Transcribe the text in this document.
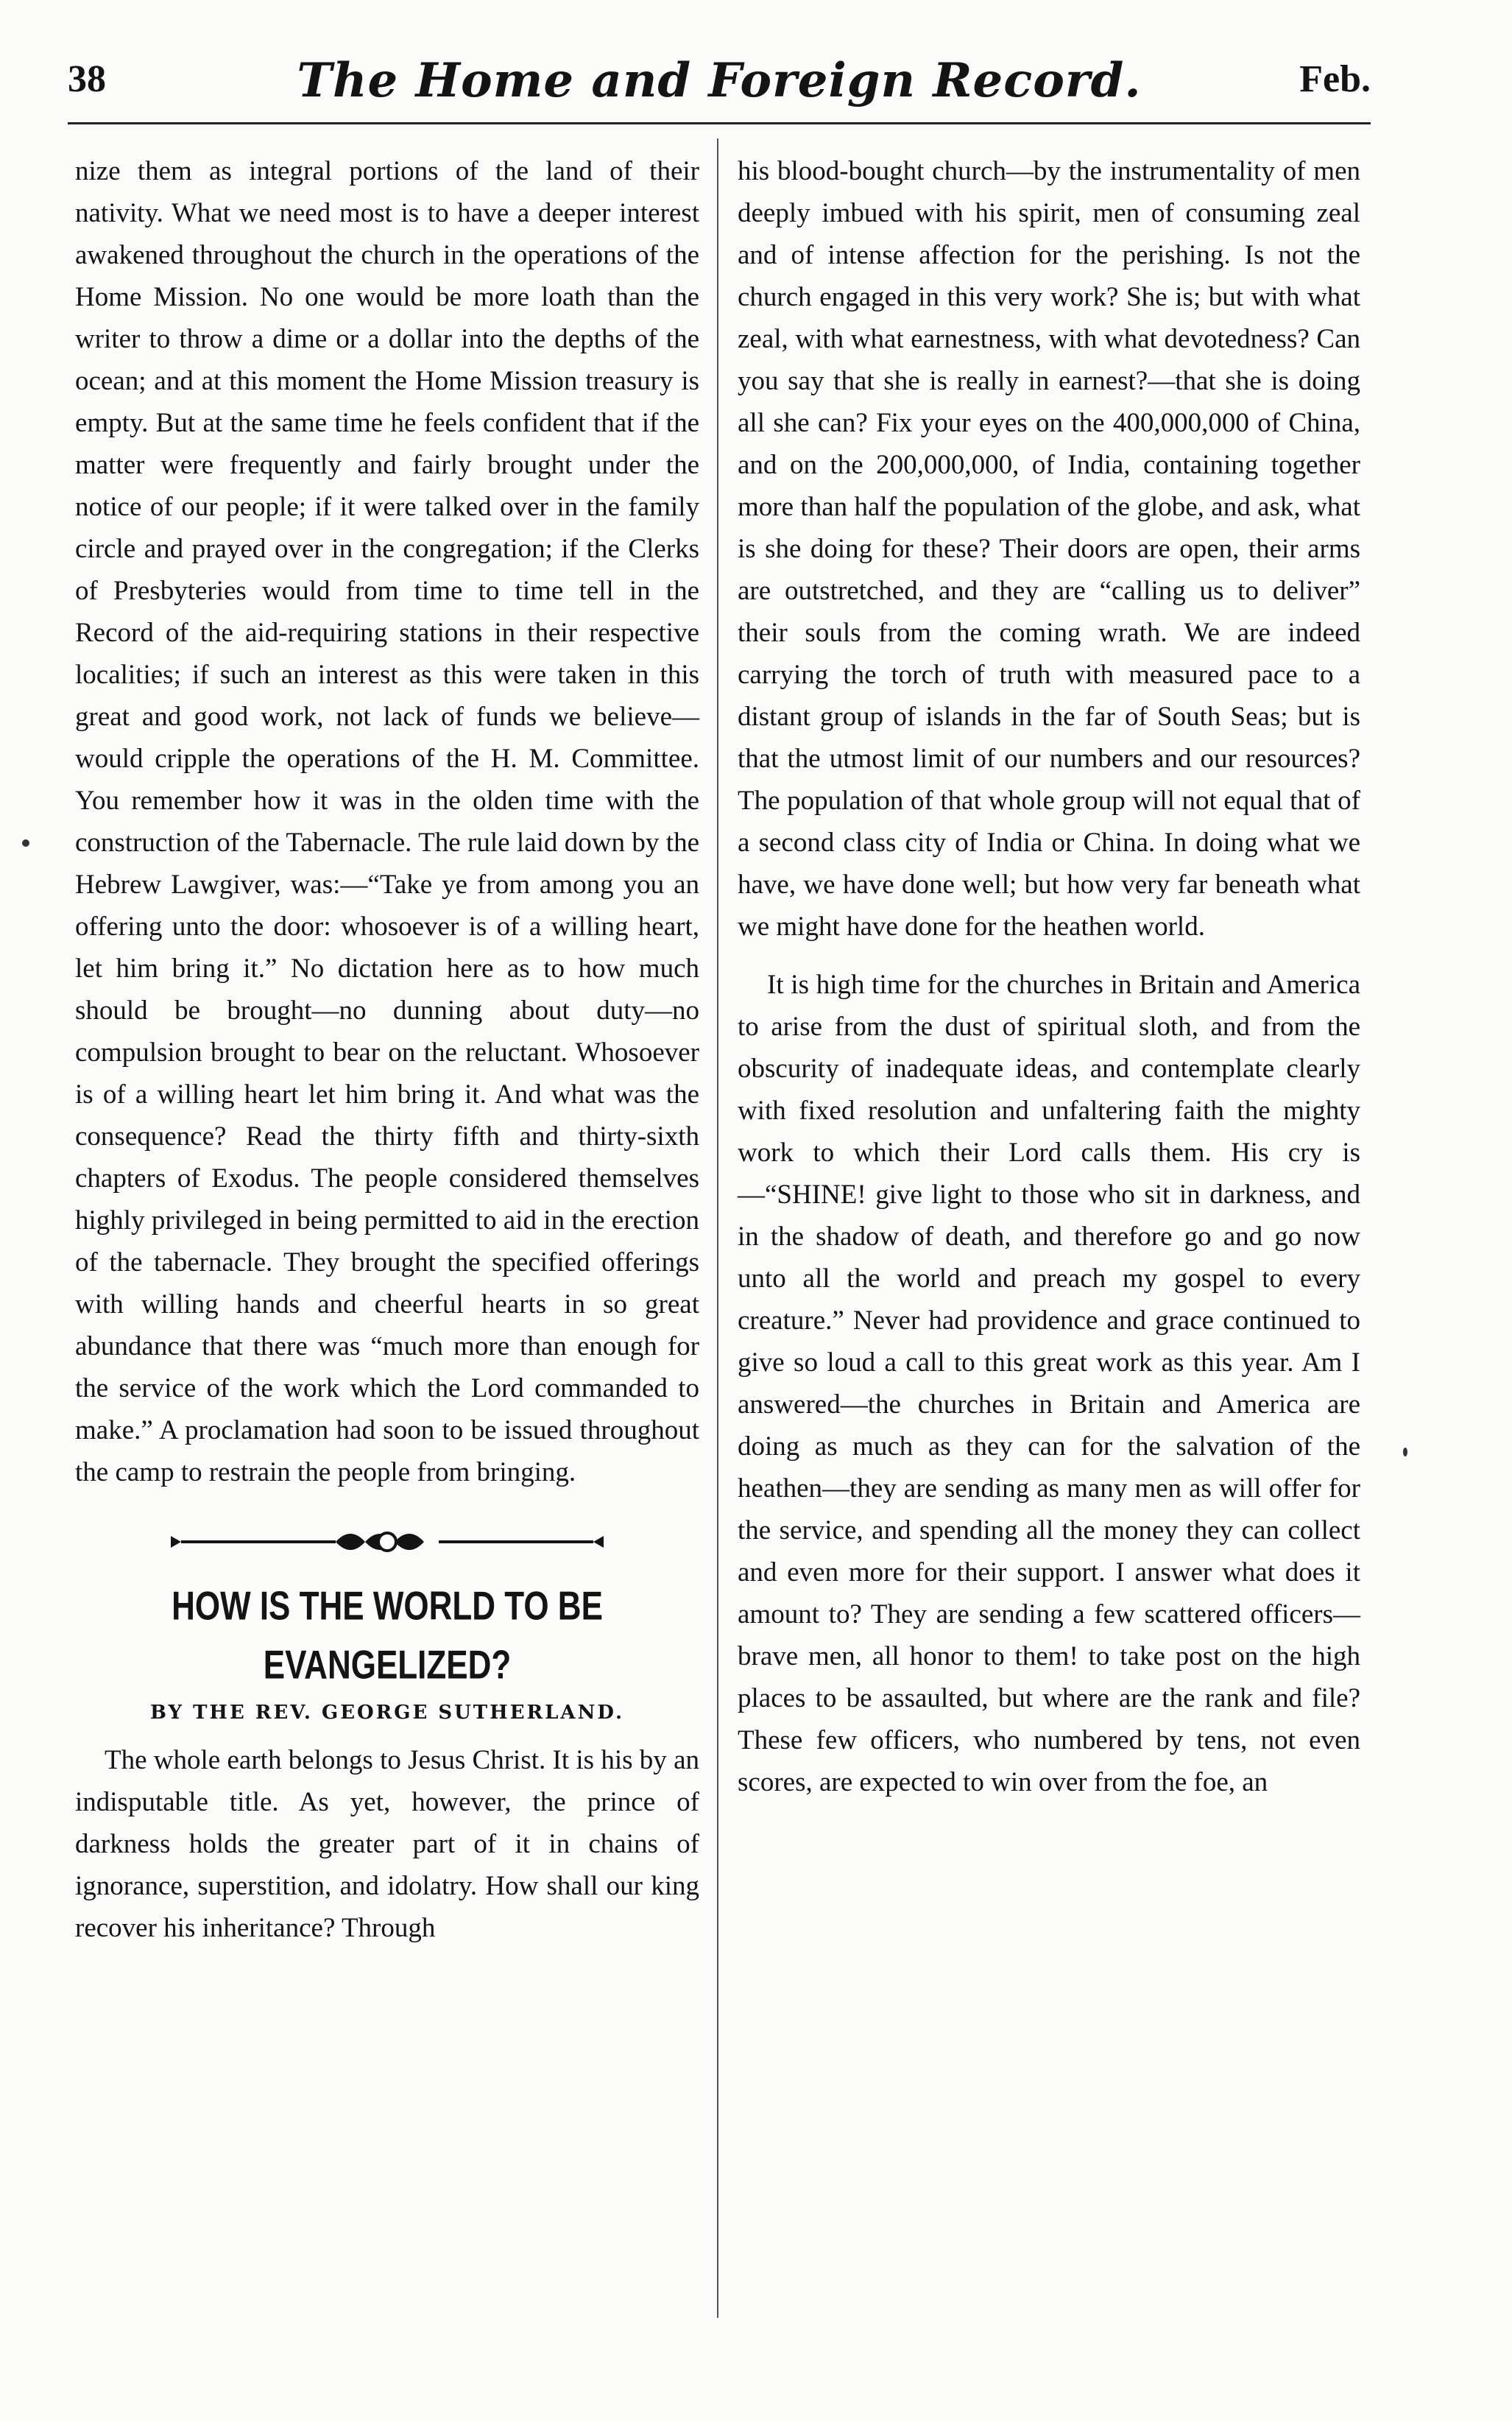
38	The Home and Foreign Record.	Feb.

nize them as integral portions of the land of their nativity. What we need most is to have a deeper interest awakened throughout the church in the operations of the Home Mission. No one would be more loath than the writer to throw a dime or a dollar into the depths of the ocean; and at this moment the Home Mission treasury is empty. But at the same time he feels confident that if the matter were frequently and fairly brought under the notice of our people; if it were talked over in the family circle and prayed over in the congregation; if the Clerks of Presbyteries would from time to time tell in the Record of the aid-requiring stations in their respective localities; if such an interest as this were taken in this great and good work, not lack of funds we believe—would cripple the operations of the H. M. Committee. You remember how it was in the olden time with the construction of the Tabernacle. The rule laid down by the Hebrew Lawgiver, was:—“Take ye from among you an offering unto the door: whosoever is of a willing heart, let him bring it.” No dictation here as to how much should be brought—no dunning about duty—no compulsion brought to bear on the reluctant. Whosoever is of a willing heart let him bring it. And what was the consequence? Read the thirty fifth and thirty-sixth chapters of Exodus. The people considered themselves highly privileged in being permitted to aid in the erection of the tabernacle. They brought the specified offerings with willing hands and cheerful hearts in so great abundance that there was “much more than enough for the service of the work which the Lord commanded to make.” A proclamation had soon to be issued throughout the camp to restrain the people from bringing.

HOW IS THE WORLD TO BE EVANGELIZED?
BY THE REV. GEORGE SUTHERLAND.

The whole earth belongs to Jesus Christ. It is his by an indisputable title. As yet, however, the prince of darkness holds the greater part of it in chains of ignorance, superstition, and idolatry. How shall our king recover his inheritance? Through

his blood-bought church—by the instrumentality of men deeply imbued with his spirit, men of consuming zeal and of intense affection for the perishing. Is not the church engaged in this very work? She is; but with what zeal, with what earnestness, with what devotedness? Can you say that she is really in earnest?—that she is doing all she can? Fix your eyes on the 400,000,000 of China, and on the 200,000,000, of India, containing together more than half the population of the globe, and ask, what is she doing for these? Their doors are open, their arms are outstretched, and they are “calling us to deliver” their souls from the coming wrath. We are indeed carrying the torch of truth with measured pace to a distant group of islands in the far of South Seas; but is that the utmost limit of our numbers and our resources? The population of that whole group will not equal that of a second class city of India or China. In doing what we have, we have done well; but how very far beneath what we might have done for the heathen world.

It is high time for the churches in Britain and America to arise from the dust of spiritual sloth, and from the obscurity of inadequate ideas, and contemplate clearly with fixed resolution and unfaltering faith the mighty work to which their Lord calls them. His cry is—“SHINE! give light to those who sit in darkness, and in the shadow of death, and therefore go and go now unto all the world and preach my gospel to every creature.” Never had providence and grace continued to give so loud a call to this great work as this year. Am I answered—the churches in Britain and America are doing as much as they can for the salvation of the heathen—they are sending as many men as will offer for the service, and spending all the money they can collect and even more for their support. I answer what does it amount to? They are sending a few scattered officers—brave men, all honor to them! to take post on the high places to be assaulted, but where are the rank and file? These few officers, who numbered by tens, not even scores, are expected to win over from the foe, an
